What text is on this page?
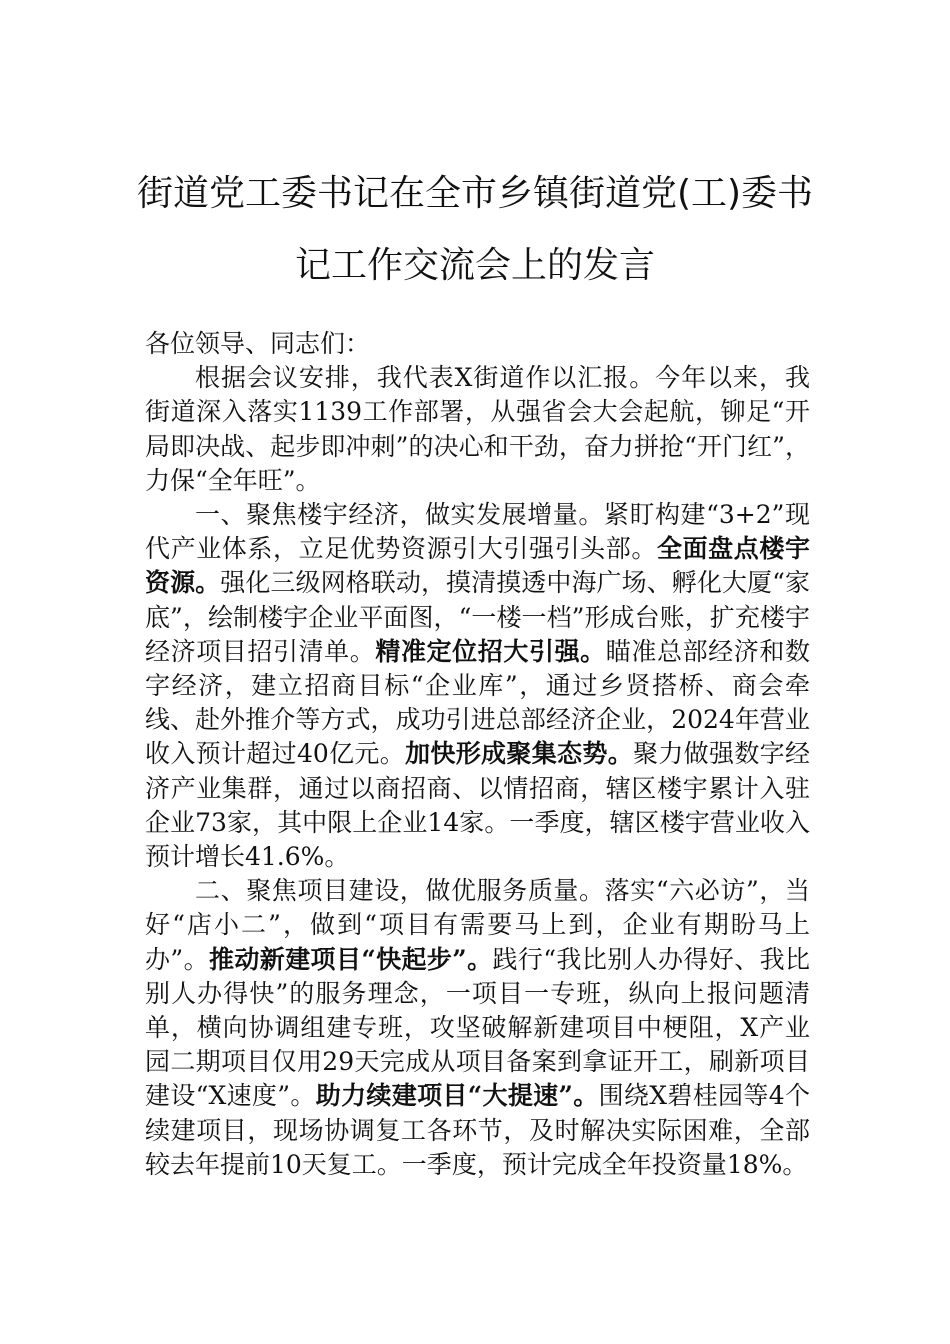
街道党工委书记在全市乡镇街道党(工)委书
记工作交流会上的发言

各位领导、同志们：

根据会议安排，我代表X街道作以汇报。今年以来，我街道深入落实1139工作部署，从强省会大会起航，铆足“开局即决战、起步即冲刺”的决心和干劲，奋力拼抢“开门红”，力保“全年旺”。

一、聚焦楼宇经济，做实发展增量。紧盯构建“3+2”现代产业体系，立足优势资源引大引强引头部。全面盘点楼宇资源。强化三级网格联动，摸清摸透中海广场、孵化大厦“家底”，绘制楼宇企业平面图，“一楼一档”形成台账，扩充楼宇经济项目招引清单。精准定位招大引强。瞄准总部经济和数字经济，建立招商目标“企业库”，通过乡贤搭桥、商会牵线、赴外推介等方式，成功引进总部经济企业，2024年营业收入预计超过40亿元。加快形成聚集态势。聚力做强数字经济产业集群，通过以商招商、以情招商，辖区楼宇累计入驻企业73家，其中限上企业14家。一季度，辖区楼宇营业收入预计增长41.6%。

二、聚焦项目建设，做优服务质量。落实“六必访”，当好“店小二”，做到“项目有需要马上到，企业有期盼马上办”。推动新建项目“快起步”。践行“我比别人办得好、我比别人办得快”的服务理念，一项目一专班，纵向上报问题清单，横向协调组建专班，攻坚破解新建项目中梗阻，X产业园二期项目仅用29天完成从项目备案到拿证开工，刷新项目建设“X速度”。助力续建项目“大提速”。围绕X碧桂园等4个续建项目，现场协调复工各环节，及时解决实际困难，全部较去年提前10天复工。一季度，预计完成全年投资量18%。
